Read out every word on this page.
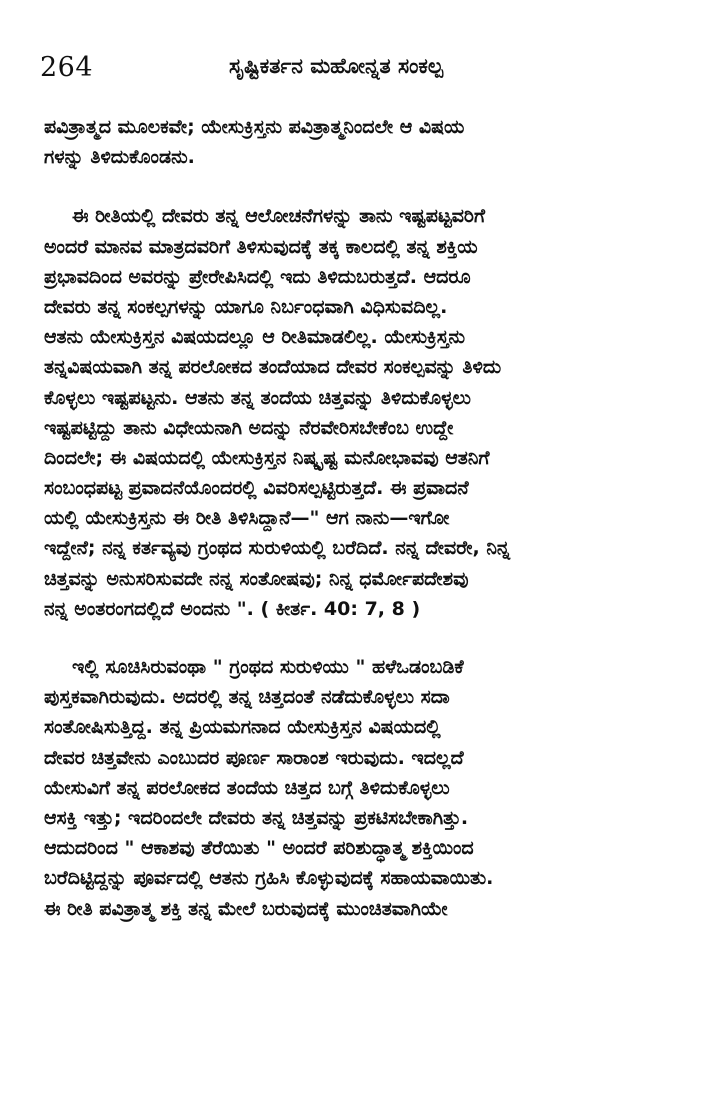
264	ಸೃಷ್ಟಿಕರ್ತನ ಮಹೋನ್ನತ ಸಂಕಲ್ಪ
ಪವಿತ್ರಾತ್ಮದ ಮೂಲಕವೇ; ಯೇಸುಕ್ರಿಸ್ತನು ಪವಿತ್ರಾತ್ಮನಿಂದಲೇ ಆ ವಿಷಯ
ಗಳನ್ನು ತಿಳಿದುಕೊಂಡನು.
ಈ ರೀತಿಯಲ್ಲಿ ದೇವರು ತನ್ನ ಆಲೋಚನೆಗಳನ್ನು ತಾನು ಇಷ್ಟಪಟ್ಟವರಿಗೆ
ಅಂದರೆ ಮಾನವ ಮಾತ್ರದವರಿಗೆ ತಿಳಿಸುವುದಕ್ಕೆ ತಕ್ಕ ಕಾಲದಲ್ಲಿ ತನ್ನ ಶಕ್ತಿಯ
ಪ್ರಭಾವದಿಂದ ಅವರನ್ನು ಪ್ರೇರೇಪಿಸಿದಲ್ಲಿ ಇದು ತಿಳಿದುಬರುತ್ತದೆ. ಆದರೂ
ದೇವರು ತನ್ನ ಸಂಕಲ್ಪಗಳನ್ನು ಯಾಗೂ ನಿರ್ಬಂಧವಾಗಿ ವಿಧಿಸುವದಿಲ್ಲ.
ಆತನು ಯೇಸುಕ್ರಿಸ್ತನ ವಿಷಯದಲ್ಲೂ ಆ ರೀತಿಮಾಡಲಿಲ್ಲ. ಯೇಸುಕ್ರಿಸ್ತನು
ತನ್ನವಿಷಯವಾಗಿ ತನ್ನ ಪರಲೋಕದ ತಂದೆಯಾದ ದೇವರ ಸಂಕಲ್ಪವನ್ನು ತಿಳಿದು
ಕೊಳ್ಳಲು ಇಷ್ಟಪಟ್ಟನು. ಆತನು ತನ್ನ ತಂದೆಯ ಚಿತ್ತವನ್ನು ತಿಳಿದುಕೊಳ್ಳಲು
ಇಷ್ಟಪಟ್ಟಿದ್ದು ತಾನು ವಿಧೇಯನಾಗಿ ಅದನ್ನು ನೆರವೇರಿಸಬೇಕೆಂಬ ಉದ್ದೇ
ದಿಂದಲೇ; ಈ ವಿಷಯದಲ್ಲಿ ಯೇಸುಕ್ರಿಸ್ತನ ನಿಷ್ಕೃಷ್ಟ ಮನೋಭಾವವು ಆತನಿಗೆ
ಸಂಬಂಧಪಟ್ಟ ಪ್ರವಾದನೆಯೊಂದರಲ್ಲಿ ವಿವರಿಸಲ್ಪಟ್ಟಿರುತ್ತದೆ. ಈ ಪ್ರವಾದನೆ
ಯಲ್ಲಿ ಯೇಸುಕ್ರಿಸ್ತನು ಈ ರೀತಿ ತಿಳಿಸಿದ್ದಾನೆ—" ಆಗ ನಾನು—ಇಗೋ
ಇದ್ದೇನೆ; ನನ್ನ ಕರ್ತವ್ಯವು ಗ್ರಂಥದ ಸುರುಳಿಯಲ್ಲಿ ಬರೆದಿದೆ. ನನ್ನ ದೇವರೇ, ನಿನ್ನ
ಚಿತ್ತವನ್ನು ಅನುಸರಿಸುವದೇ ನನ್ನ ಸಂತೋಷವು; ನಿನ್ನ ಧರ್ಮೋಪದೇಶವು
ನನ್ನ ಅಂತರಂಗದಲ್ಲಿದೆ ಅಂದನು ". ( ಕೀರ್ತ. 40: 7, 8 )
ಇಲ್ಲಿ ಸೂಚಿಸಿರುವಂಥಾ " ಗ್ರಂಥದ ಸುರುಳಿಯು " ಹಳೆಒಡಂಬಡಿಕೆ
ಪುಸ್ತಕವಾಗಿರುವುದು. ಅದರಲ್ಲಿ ತನ್ನ ಚಿತ್ತದಂತೆ ನಡೆದುಕೊಳ್ಳಲು ಸದಾ
ಸಂತೋಷಿಸುತ್ತಿದ್ದ. ತನ್ನ ಪ್ರಿಯಮಗನಾದ ಯೇಸುಕ್ರಿಸ್ತನ ವಿಷಯದಲ್ಲಿ
ದೇವರ ಚಿತ್ತವೇನು ಎಂಬುದರ ಪೂರ್ಣ ಸಾರಾಂಶ ಇರುವುದು. ಇದಲ್ಲದೆ
ಯೇಸುವಿಗೆ ತನ್ನ ಪರಲೋಕದ ತಂದೆಯ ಚಿತ್ತದ ಬಗ್ಗೆ ತಿಳಿದುಕೊಳ್ಳಲು
ಆಸಕ್ತಿ ಇತ್ತು; ಇದರಿಂದಲೇ ದೇವರು ತನ್ನ ಚಿತ್ತವನ್ನು ಪ್ರಕಟಿಸಬೇಕಾಗಿತ್ತು.
ಆದುದರಿಂದ " ಆಕಾಶವು ತೆರೆಯಿತು " ಅಂದರೆ ಪರಿಶುದ್ಧಾತ್ಮ ಶಕ್ತಿಯಿಂದ
ಬರೆದಿಟ್ಟಿದ್ದನ್ನು ಪೂರ್ವದಲ್ಲಿ ಆತನು ಗ್ರಹಿಸಿ ಕೊಳ್ಳುವುದಕ್ಕೆ ಸಹಾಯವಾಯಿತು.
ಈ ರೀತಿ ಪವಿತ್ರಾತ್ಮ ಶಕ್ತಿ ತನ್ನ ಮೇಲೆ ಬರುವುದಕ್ಕೆ ಮುಂಚಿತವಾಗಿಯೇ
